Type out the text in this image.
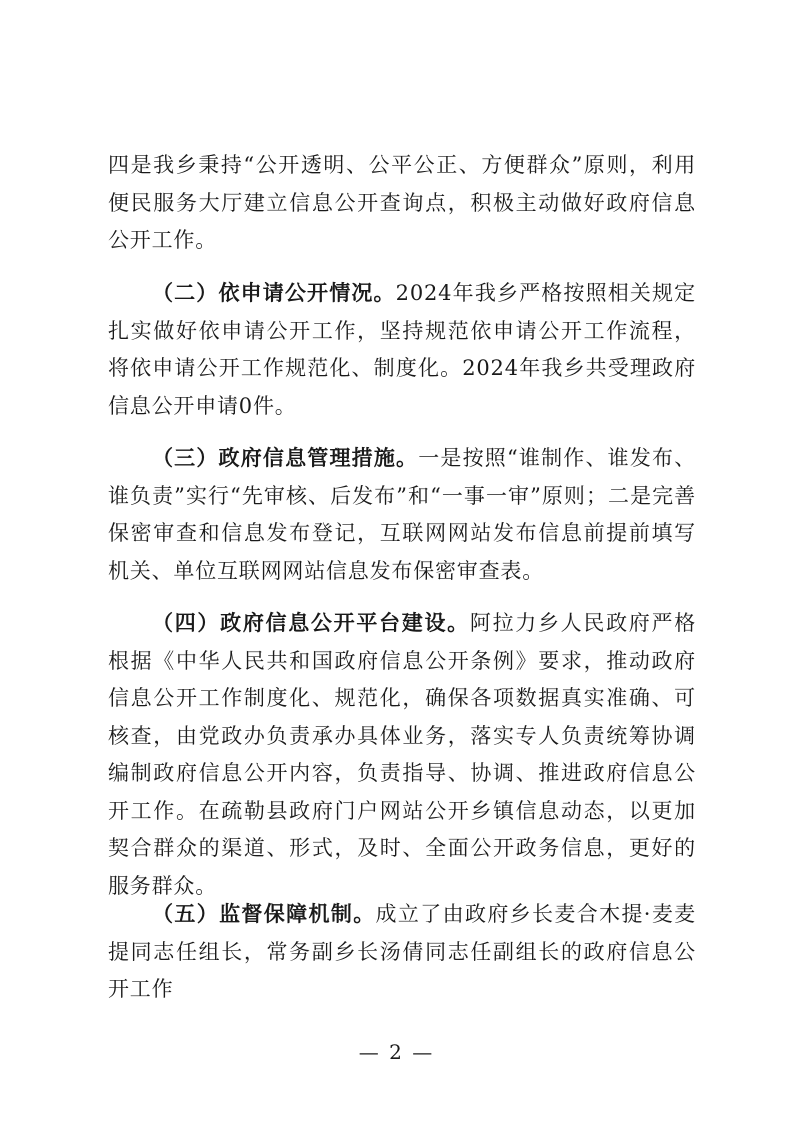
四是我乡秉持“公开透明、公平公正、方便群众”原则，利用便民服务大厅建立信息公开查询点，积极主动做好政府信息公开工作。

（二）依申请公开情况。2024年我乡严格按照相关规定扎实做好依申请公开工作，坚持规范依申请公开工作流程，将依申请公开工作规范化、制度化。2024年我乡共受理政府信息公开申请0件。

（三）政府信息管理措施。一是按照“谁制作、谁发布、谁负责”实行“先审核、后发布”和“一事一审”原则；二是完善保密审查和信息发布登记，互联网网站发布信息前提前填写机关、单位互联网网站信息发布保密审查表。

（四）政府信息公开平台建设。阿拉力乡人民政府严格根据《中华人民共和国政府信息公开条例》要求，推动政府信息公开工作制度化、规范化，确保各项数据真实准确、可核查，由党政办负责承办具体业务，落实专人负责统筹协调编制政府信息公开内容，负责指导、协调、推进政府信息公开工作。在疏勒县政府门户网站公开乡镇信息动态，以更加契合群众的渠道、形式，及时、全面公开政务信息，更好的服务群众。

（五）监督保障机制。成立了由政府乡长麦合木提·麦麦提同志任组长，常务副乡长汤倩同志任副组长的政府信息公开工作

— 2 —
